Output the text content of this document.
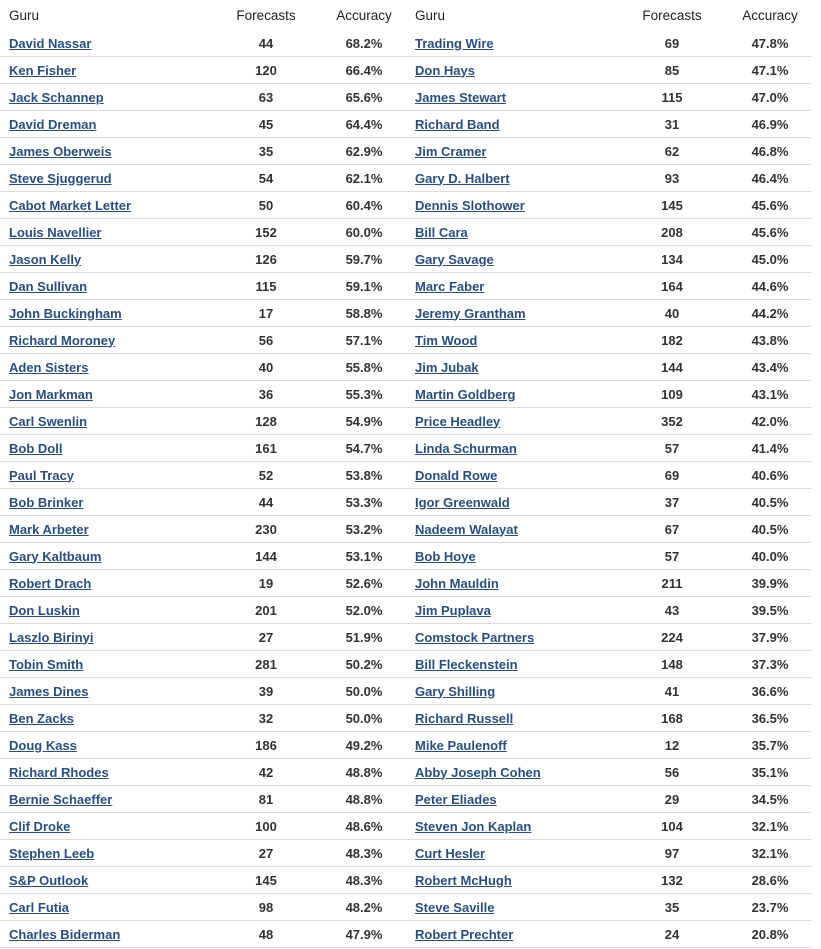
Guru	Forecasts	Accuracy
David Nassar	44	68.2%
Ken Fisher	120	66.4%
Jack Schannep	63	65.6%
David Dreman	45	64.4%
James Oberweis	35	62.9%
Steve Sjuggerud	54	62.1%
Cabot Market Letter	50	60.4%
Louis Navellier	152	60.0%
Jason Kelly	126	59.7%
Dan Sullivan	115	59.1%
John Buckingham	17	58.8%
Richard Moroney	56	57.1%
Aden Sisters	40	55.8%
Jon Markman	36	55.3%
Carl Swenlin	128	54.9%
Bob Doll	161	54.7%
Paul Tracy	52	53.8%
Bob Brinker	44	53.3%
Mark Arbeter	230	53.2%
Gary Kaltbaum	144	53.1%
Robert Drach	19	52.6%
Don Luskin	201	52.0%
Laszlo Birinyi	27	51.9%
Tobin Smith	281	50.2%
James Dines	39	50.0%
Ben Zacks	32	50.0%
Doug Kass	186	49.2%
Richard Rhodes	42	48.8%
Bernie Schaeffer	81	48.8%
Clif Droke	100	48.6%
Stephen Leeb	27	48.3%
S&P Outlook	145	48.3%
Carl Futia	98	48.2%
Charles Biderman	48	47.9%
Guru	Forecasts	Accuracy
Trading Wire	69	47.8%
Don Hays	85	47.1%
James Stewart	115	47.0%
Richard Band	31	46.9%
Jim Cramer	62	46.8%
Gary D. Halbert	93	46.4%
Dennis Slothower	145	45.6%
Bill Cara	208	45.6%
Gary Savage	134	45.0%
Marc Faber	164	44.6%
Jeremy Grantham	40	44.2%
Tim Wood	182	43.8%
Jim Jubak	144	43.4%
Martin Goldberg	109	43.1%
Price Headley	352	42.0%
Linda Schurman	57	41.4%
Donald Rowe	69	40.6%
Igor Greenwald	37	40.5%
Nadeem Walayat	67	40.5%
Bob Hoye	57	40.0%
John Mauldin	211	39.9%
Jim Puplava	43	39.5%
Comstock Partners	224	37.9%
Bill Fleckenstein	148	37.3%
Gary Shilling	41	36.6%
Richard Russell	168	36.5%
Mike Paulenoff	12	35.7%
Abby Joseph Cohen	56	35.1%
Peter Eliades	29	34.5%
Steven Jon Kaplan	104	32.1%
Curt Hesler	97	32.1%
Robert McHugh	132	28.6%
Steve Saville	35	23.7%
Robert Prechter	24	20.8%
